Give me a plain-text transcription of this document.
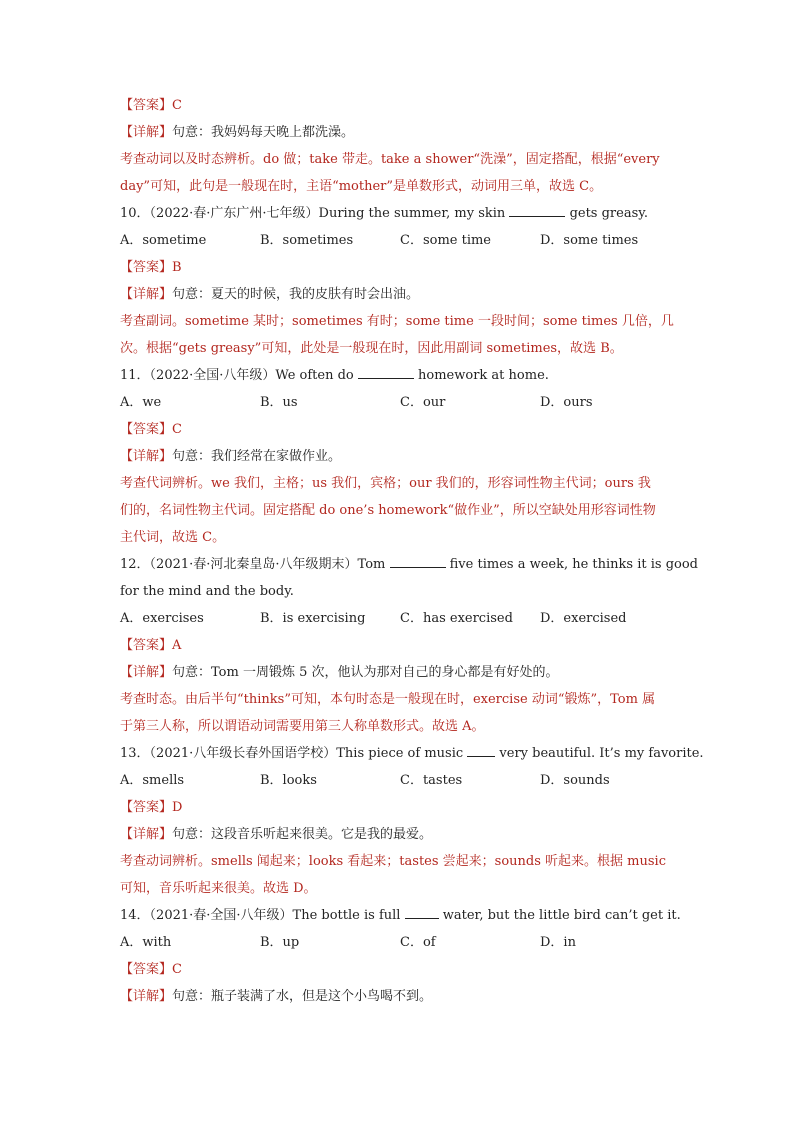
【答案】C
【详解】句意：我妈妈每天晚上都洗澡。
考查动词以及时态辨析。do 做；take 带走。take a shower“洗澡”，固定搭配，根据“every
day”可知，此句是一般现在时，主语“mother”是单数形式，动词用三单，故选 C。
10．（2022·春·广东广州·七年级）During the summer, my skin	gets greasy.
A．sometime	B．sometimes	C．some time	D．some times
【答案】B
【详解】句意：夏天的时候，我的皮肤有时会出油。
考查副词。sometime 某时；sometimes 有时；some time 一段时间；some times 几倍，几
次。根据“gets greasy”可知，此处是一般现在时，因此用副词 sometimes，故选 B。
11．（2022·全国·八年级）We often do	homework at home.
A．we	B．us	C．our	D．ours
【答案】C
【详解】句意：我们经常在家做作业。
考查代词辨析。we 我们，主格；us 我们，宾格；our 我们的，形容词性物主代词；ours 我
们的，名词性物主代词。固定搭配 do one’s homework“做作业”，所以空缺处用形容词性物
主代词，故选 C。
12．（2021·春·河北秦皇岛·八年级期末）Tom	five times a week, he thinks it is good
for the mind and the body.
A．exercises	B．is exercising	C．has exercised	D．exercised
【答案】A
【详解】句意：Tom 一周锻炼 5 次，他认为那对自己的身心都是有好处的。
考查时态。由后半句“thinks”可知，本句时态是一般现在时，exercise 动词“锻炼”，Tom 属
于第三人称，所以谓语动词需要用第三人称单数形式。故选 A。
13．（2021·八年级长春外国语学校）This piece of music	very beautiful. It’s my favorite.
A．smells	B．looks	C．tastes	D．sounds
【答案】D
【详解】句意：这段音乐听起来很美。它是我的最爱。
考查动词辨析。smells 闻起来；looks 看起来；tastes 尝起来；sounds 听起来。根据 music
可知，音乐听起来很美。故选 D。
14．（2021·春·全国·八年级）The bottle is full	water, but the little bird can’t get it.
A．with	B．up	C．of	D．in
【答案】C
【详解】句意：瓶子装满了水，但是这个小鸟喝不到。
